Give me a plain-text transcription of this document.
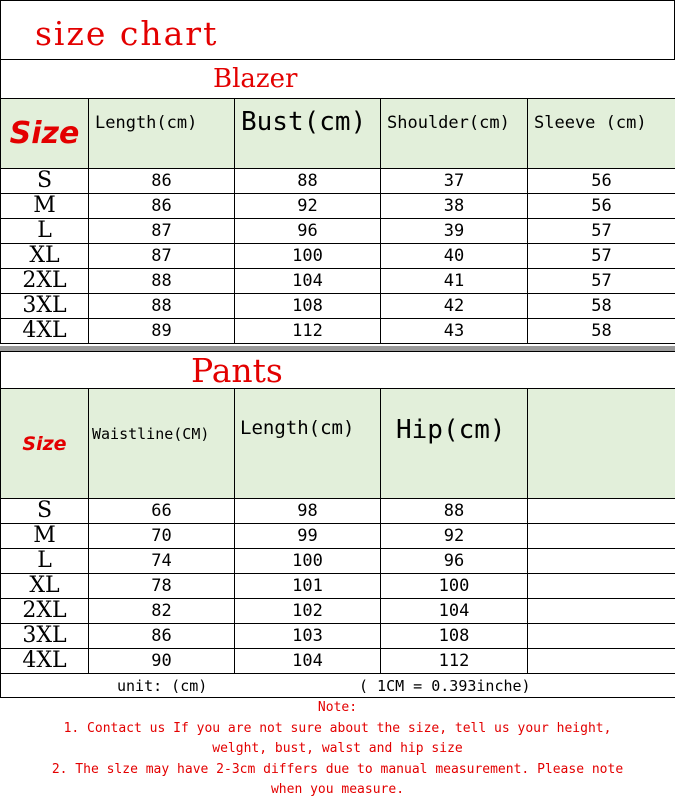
size chart
Blazer				
Size	Length(cm)	Bust(cm)	Shoulder(cm)	Sleeve (cm)
S	86	88	37	56
M	86	92	38	56
L	87	96	39	57
XL	87	100	40	57
2XL	88	104	41	57
3XL	88	108	42	58
4XL	89	112	43	58
Pants				
Size	Waistline(CM)	Length(cm)	Hip(cm)	
S	66	98	88	
M	70	99	92	
L	74	100	96	
XL	78	101	100	
2XL	82	102	104	
3XL	86	103	108	
4XL	90	104	112	

unit: (cm) ( 1CM = 0.393inche)				
Note:
1. Contact us If you are not sure about the size, tell us your height,
welght, bust, walst and hip size
2. The slze may have 2-3cm differs due to manual measurement. Please note
when you measure.
